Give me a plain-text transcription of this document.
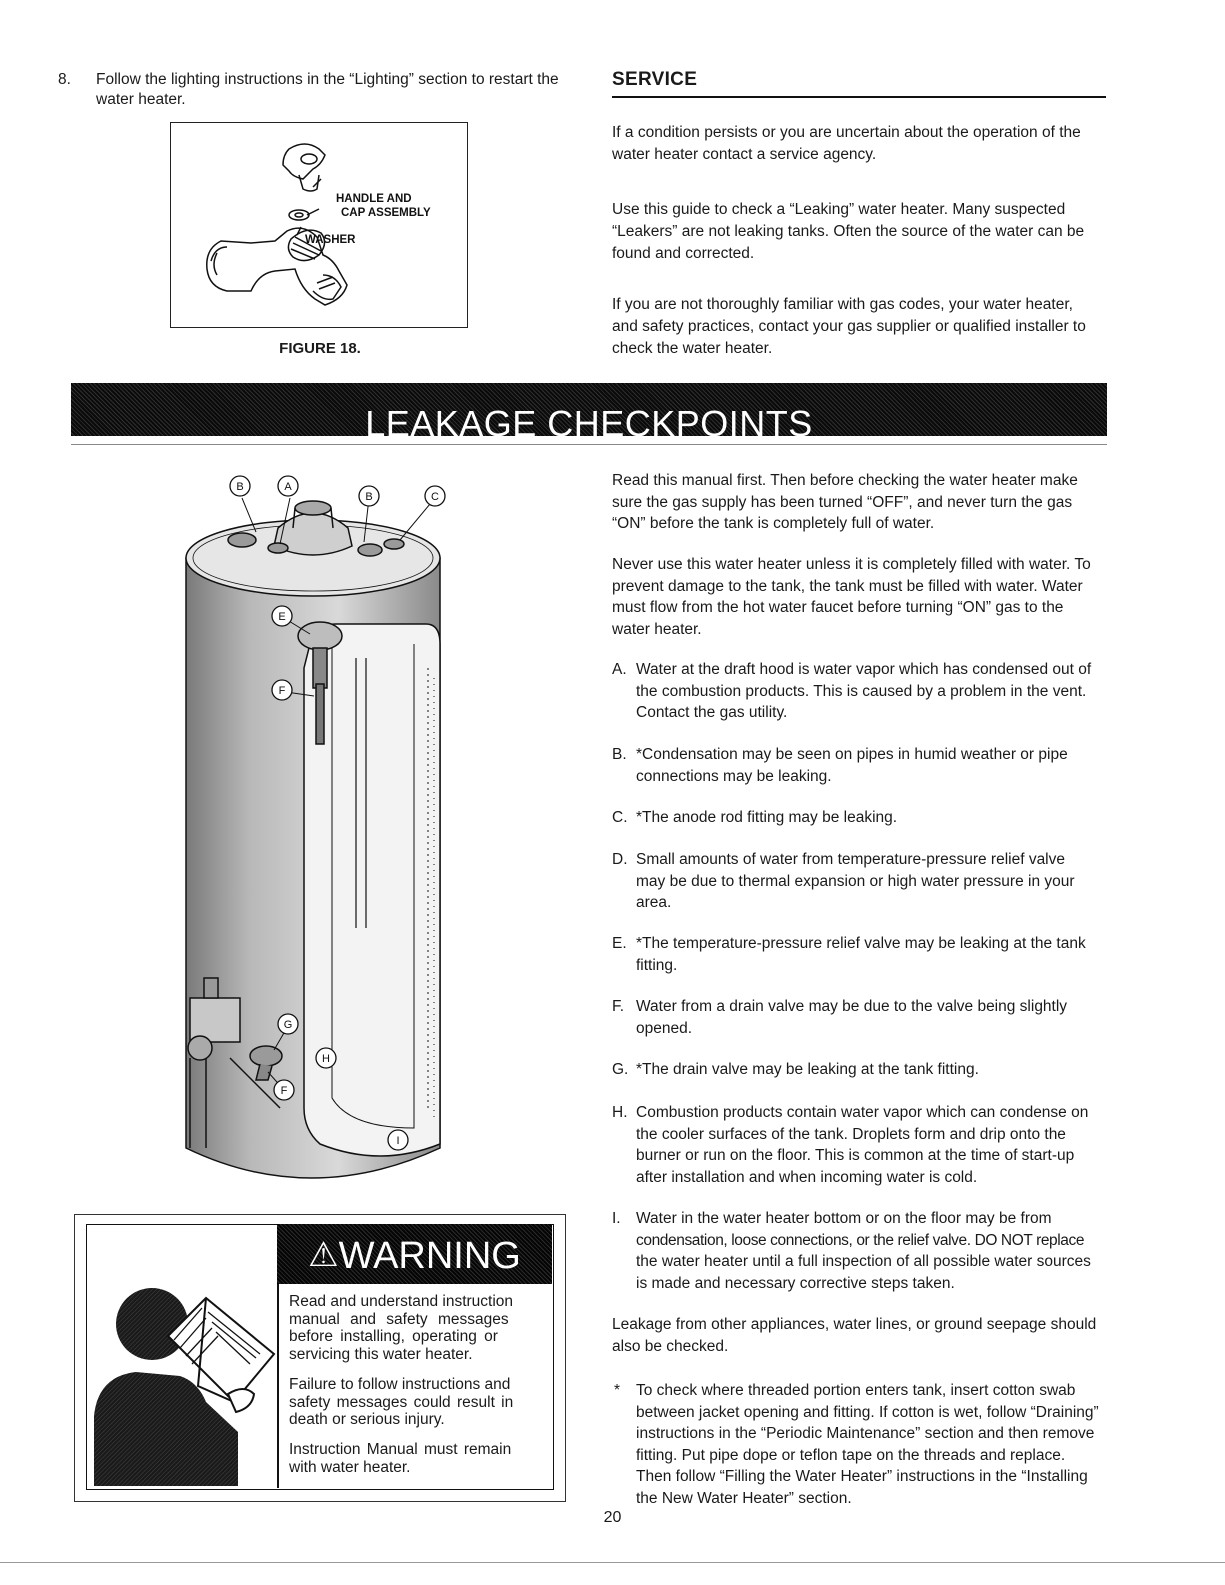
8. Follow the lighting instructions in the “Lighting” section to restart the
water heater.
HANDLE AND
CAP ASSEMBLY
WASHER
FIGURE 18.
SERVICE
If a condition persists or you are uncertain about the operation of the
water heater contact a service agency.
Use this guide to check a “Leaking” water heater. Many suspected
“Leakers” are not leaking tanks. Often the source of the water can be
found and corrected.
If you are not thoroughly familiar with gas codes, your water heater,
and safety practices, contact your gas supplier or qualified installer to
check the water heater.
LEAKAGE CHECKPOINTS
B	A
B	C
E
F
G
H
F
I
Read this manual first. Then before checking the water heater make
sure the gas supply has been turned “OFF”, and never turn the gas
“ON” before the tank is completely full of water.
Never use this water heater unless it is completely filled with water. To
prevent damage to the tank, the tank must be filled with water. Water
must flow from the hot water faucet before turning “ON” gas to the
water heater.
A. Water at the draft hood is water vapor which has condensed out of
the combustion products. This is caused by a problem in the vent.
Contact the gas utility.
B. *Condensation may be seen on pipes in humid weather or pipe
connections may be leaking.
C. *The anode rod fitting may be leaking.
D. Small amounts of water from temperature-pressure relief valve
may be due to thermal expansion or high water pressure in your
area.
E. *The temperature-pressure relief valve may be leaking at the tank
fitting.
F. Water from a drain valve may be due to the valve being slightly
opened.
G. *The drain valve may be leaking at the tank fitting.
H. Combustion products contain water vapor which can condense on
the cooler surfaces of the tank. Droplets form and drip onto the
burner or run on the floor. This is common at the time of start-up
after installation and when incoming water is cold.
I. Water in the water heater bottom or on the floor may be from
condensation, loose connections, or the relief valve. DO NOT replace
the water heater until a full inspection of all possible water sources
is made and necessary corrective steps taken.
Leakage from other appliances, water lines, or ground seepage should
also be checked.
* To check where threaded portion enters tank, insert cotton swab
between jacket opening and fitting. If cotton is wet, follow “Draining”
instructions in the “Periodic Maintenance” section and then remove
fitting. Put pipe dope or teflon tape on the threads and replace.
Then follow “Filling the Water Heater” instructions in the “Installing
the New Water Heater” section.
⚠WARNING
Read and understand instruction
manual and safety messages
before installing, operating or
servicing this water heater.
Failure to follow instructions and
safety messages could result in
death or serious injury.
Instruction Manual must remain
with water heater.
20
